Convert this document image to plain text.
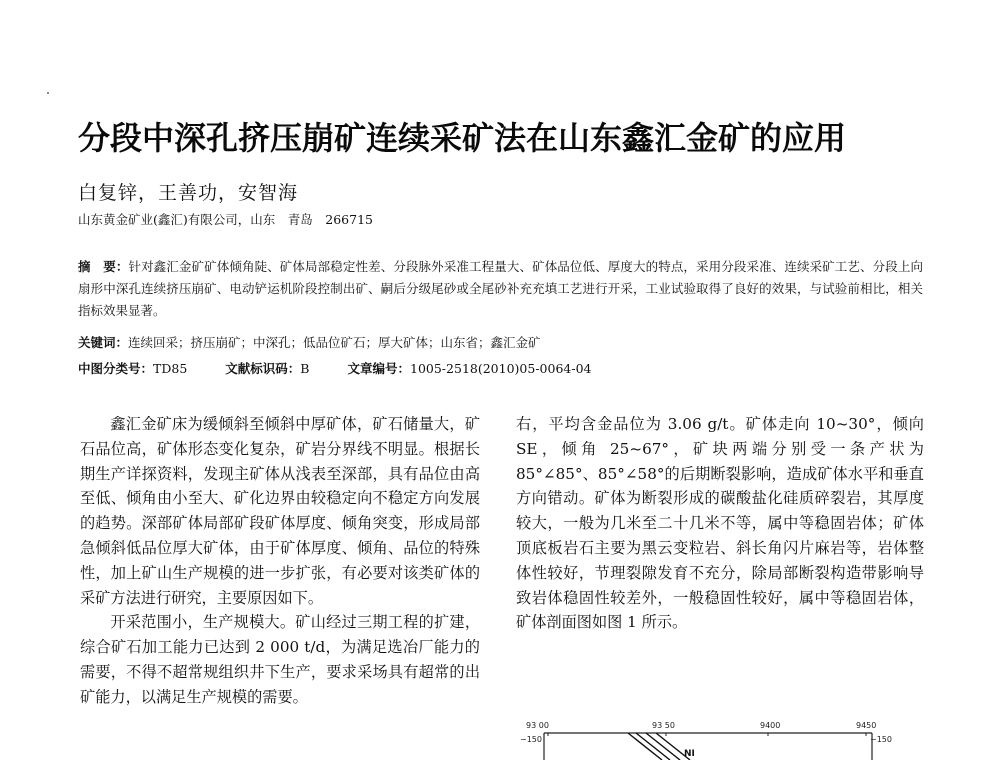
分段中深孔挤压崩矿连续采矿法在山东鑫汇金矿的应用
白复锌，王善功，安智海
山东黄金矿业(鑫汇)有限公司，山东　青岛　266715
摘　要：针对鑫汇金矿矿体倾角陡、矿体局部稳定性差、分段脉外采准工程量大、矿体品位低、厚度大的特点，采用分段采准、连续采矿工艺、分段上向扇形中深孔连续挤压崩矿、电动铲运机阶段控制出矿、嗣后分级尾砂或全尾砂补充充填工艺进行开采，工业试验取得了良好的效果，与试验前相比，相关指标效果显著。
关键词：连续回采；挤压崩矿；中深孔；低品位矿石；厚大矿体；山东省；鑫汇金矿
中图分类号：TD85	文献标识码：B	文章编号：1005-2518(2010)05-0064-04

鑫汇金矿床为缓倾斜至倾斜中厚矿体，矿石储量大，矿石品位高，矿体形态变化复杂，矿岩分界线不明显。根据长期生产详探资料，发现主矿体从浅表至深部，具有品位由高至低、倾角由小至大、矿化边界由较稳定向不稳定方向发展的趋势。深部矿体局部矿段矿体厚度、倾角突变，形成局部急倾斜低品位厚大矿体，由于矿体厚度、倾角、品位的特殊性，加上矿山生产规模的进一步扩张，有必要对该类矿体的采矿方法进行研究，主要原因如下。

开采范围小，生产规模大。矿山经过三期工程的扩建，综合矿石加工能力已达到 2 000 t/d，为满足选冶厂能力的需要，不得不超常规组织井下生产，要求采场具有超常的出矿能力，以满足生产规模的需要。

右，平均含金品位为 3.06 g/t。矿体走向 10~30°，倾向 SE，倾角 25~67°，矿块两端分别受一条产状为 85°∠85°、85°∠58°的后期断裂影响，造成矿体水平和垂直方向错动。矿体为断裂形成的碳酸盐化硅质碎裂岩，其厚度较大，一般为几米至二十几米不等，属中等稳固岩体；矿体顶底板岩石主要为黑云变粒岩、斜长角闪片麻岩等，岩体整体性较好，节理裂隙发育不充分，除局部断裂构造带影响导致岩体稳固性较差外，一般稳固性较好，属中等稳固岩体，矿体剖面图如图 1 所示。

93 00	93 50	9400	9450
−150	−150
NI
